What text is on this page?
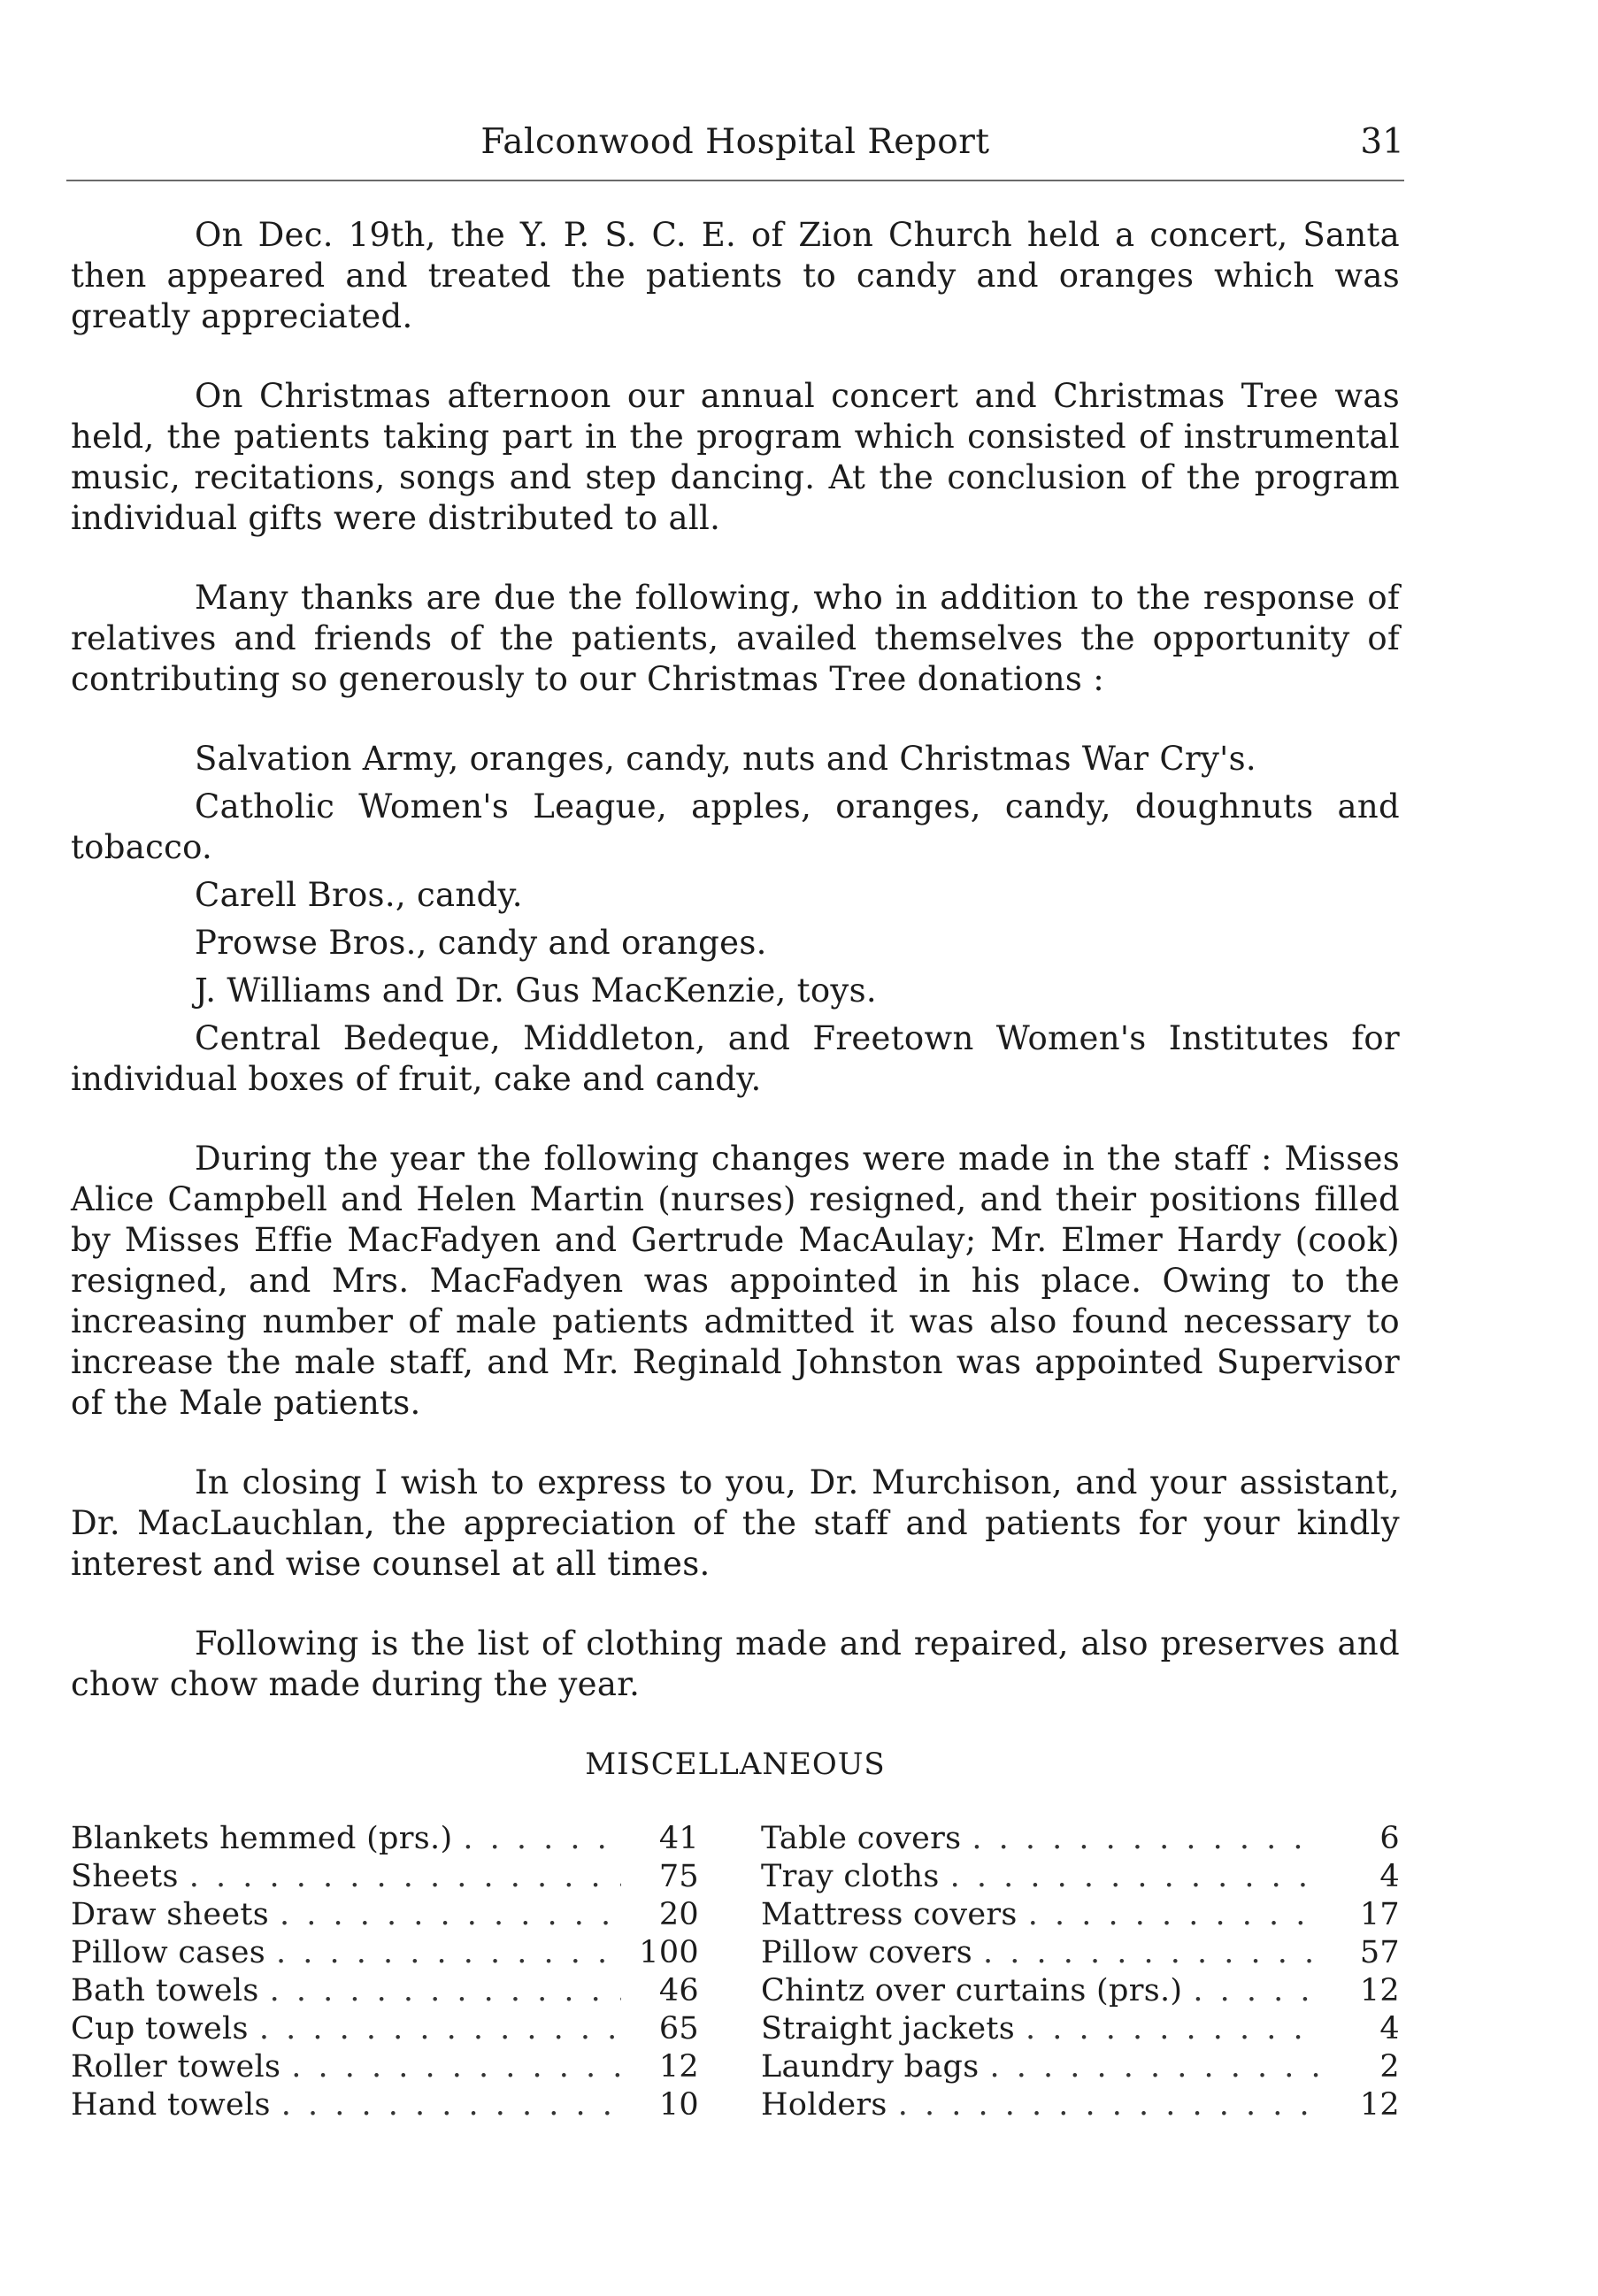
Falconwood Hospital Report	31

On Dec. 19th, the Y. P. S. C. E. of Zion Church held a concert, Santa then appeared and treated the patients to candy and oranges which was greatly appreciated.

On Christmas afternoon our annual concert and Christmas Tree was held, the patients taking part in the program which consisted of instrumental music, recitations, songs and step dancing. At the conclusion of the program individual gifts were distributed to all.

Many thanks are due the following, who in addition to the response of relatives and friends of the patients, availed themselves the opportunity of contributing so generously to our Christmas Tree donations :

Salvation Army, oranges, candy, nuts and Christmas War Cry's.

Catholic Women's League, apples, oranges, candy, doughnuts and tobacco.

Carell Bros., candy.

Prowse Bros., candy and oranges.

J. Williams and Dr. Gus MacKenzie, toys.

Central Bedeque, Middleton, and Freetown Women's Institutes for individual boxes of fruit, cake and candy.

During the year the following changes were made in the staff : Misses Alice Campbell and Helen Martin (nurses) resigned, and their positions filled by Misses Effie MacFadyen and Gertrude MacAulay; Mr. Elmer Hardy (cook) resigned, and Mrs. MacFadyen was appointed in his place. Owing to the increasing number of male patients admitted it was also found necessary to increase the male staff, and Mr. Reginald Johnston was appointed Supervisor of the Male patients.

In closing I wish to express to you, Dr. Murchison, and your assistant, Dr. MacLauchlan, the appreciation of the staff and patients for your kindly interest and wise counsel at all times.

Following is the list of clothing made and repaired, also preserves and chow chow made during the year.

MISCELLANEOUS
Blankets hemmed (prs.) . . .	41
Sheets . . .	75
Draw sheets . . .	20
Pillow cases . . .	100
Bath towels . . .	46
Cup towels . . .	65
Roller towels . . .	12
Hand towels . . .	10
Table covers . . .	6
Tray cloths . . .	4
Mattress covers . . .	17
Pillow covers . . .	57
Chintz over curtains (prs.) . . .	12
Straight jackets . . .	4
Laundry bags . . .	2
Holders . . .	12
